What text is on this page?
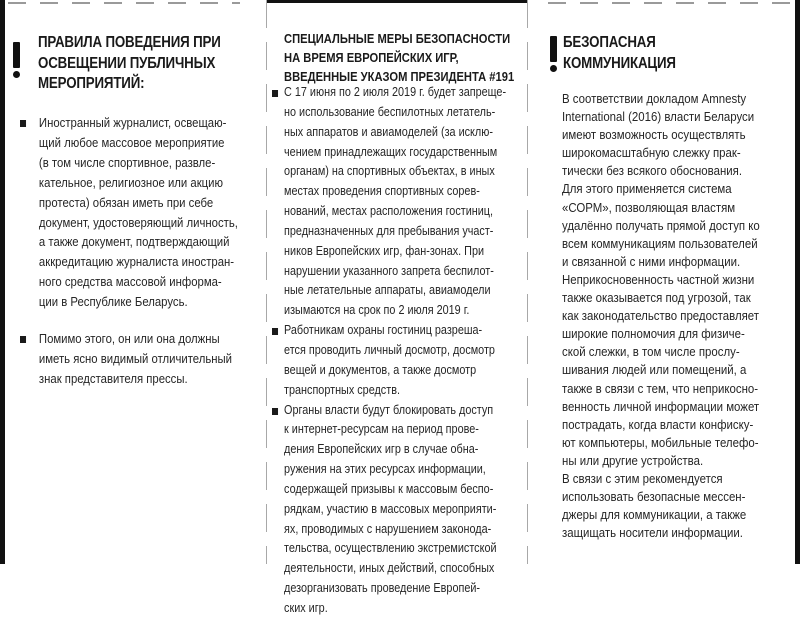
ПРАВИЛА ПОВЕДЕНИЯ ПРИ
ОСВЕЩЕНИИ ПУБЛИЧНЫХ
МЕРОПРИЯТИЙ:
Иностранный журналист, освещаю-
щий любое массовое мероприятие
(в том числе спортивное, развле-
кательное, религиозное или акцию
протеста) обязан иметь при себе
документ, удостоверяющий личность,
а также документ, подтверждающий
аккредитацию журналиста иностран-
ного средства массовой информа-
ции в Республике Беларусь.
Помимо этого, он или она должны
иметь ясно видимый отличительный
знак представителя прессы.
СПЕЦИАЛЬНЫЕ МЕРЫ БЕЗОПАСНОСТИ
НА ВРЕМЯ ЕВРОПЕЙСКИХ ИГР,
ВВЕДЕННЫЕ УКАЗОМ ПРЕЗИДЕНТА #191
С 17 июня по 2 июля 2019 г. будет запреще-
но использование беспилотных летатель-
ных аппаратов и авиамоделей (за исклю-
чением принадлежащих государственным
органам) на спортивных объектах, в иных
местах проведения спортивных сорев-
нований, местах расположения гостиниц,
предназначенных для пребывания участ-
ников Европейских игр, фан-зонах. При
нарушении указанного запрета беспилот-
ные летательные аппараты, авиамодели
изымаются на срок по 2 июля 2019 г.
Работникам охраны гостиниц разреша-
ется проводить личный досмотр, досмотр
вещей и документов, а также досмотр
транспортных средств.
Органы власти будут блокировать доступ
к интернет-ресурсам на период прове-
дения Европейских игр в случае обна-
ружения на этих ресурсах информации,
содержащей призывы к массовым беспо-
рядкам, участию в массовых мероприяти-
ях, проводимых с нарушением законода-
тельства, осуществлению экстремистской
деятельности, иных действий, способных
дезорганизовать проведение Европей-
ских игр.
БЕЗОПАСНАЯ
КОММУНИКАЦИЯ
В соответствии докладом Amnesty
International (2016) власти Беларуси
имеют возможность осуществлять
широкомасштабную слежку прак-
тически без всякого обоснования.
Для этого применяется система
«СОРМ», позволяющая властям
удалённо получать прямой доступ ко
всем коммуникациям пользователей
и связанной с ними информации.
Неприкосновенность частной жизни
также оказывается под угрозой, так
как законодательство предоставляет
широкие полномочия для физиче-
ской слежки, в том числе прослу-
шивания людей или помещений, а
также в связи с тем, что неприкосно-
венность личной информации может
пострадать, когда власти конфиску-
ют компьютеры, мобильные телефо-
ны или другие устройства.
В связи с этим рекомендуется
использовать безопасные мессен-
джеры для коммуникации, а также
защищать носители информации.
